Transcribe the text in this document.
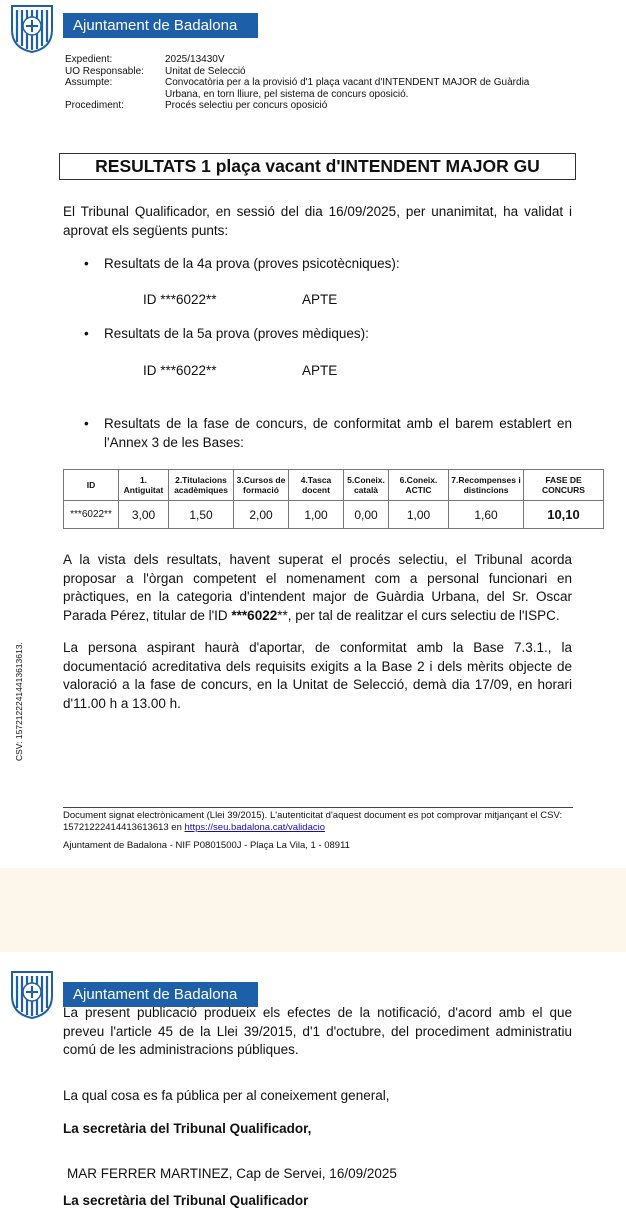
Ajuntament de Badalona
Expedient:	2025/13430V
UO Responsable:	Unitat de Selecció
Assumpte:	Convocatòria per a la provisió d'1 plaça vacant d'INTENDENT MAJOR de Guàrdia Urbana, en torn lliure, pel sistema de concurs oposició.
Procediment:	Procés selectiu per concurs oposició
RESULTATS 1 plaça vacant d'INTENDENT MAJOR GU
El Tribunal Qualificador, en sessió del dia 16/09/2025, per unanimitat, ha validat i aprovat els següents punts:
• Resultats de la 4a prova (proves psicotècniques):
ID ***6022**	APTE
• Resultats de la 5a prova (proves mèdiques):
ID ***6022**	APTE
• Resultats de la fase de concurs, de conformitat amb el barem establert en l'Annex 3 de les Bases:
ID	1. Antiguitat	2.Titulacions acadèmiques	3.Cursos de formació	4.Tasca docent	5.Coneix. català	6.Coneix. ACTIC	7.Recompenses i distincions	FASE DE CONCURS
***6022**	3,00	1,50	2,00	1,00	0,00	1,00	1,60	10,10
A la vista dels resultats, havent superat el procés selectiu, el Tribunal acorda proposar a l'òrgan competent el nomenament com a personal funcionari en pràctiques, en la categoria d'intendent major de Guàrdia Urbana, del Sr. Oscar Parada Pérez, titular de l'ID ***6022**, per tal de realitzar el curs selectiu de l'ISPC.
La persona aspirant haurà d'aportar, de conformitat amb la Base 7.3.1., la documentació acreditativa dels requisits exigits a la Base 2 i dels mèrits objecte de valoració a la fase de concurs, en la Unitat de Selecció, demà dia 17/09, en horari d'11.00 h a 13.00 h.
Document signat electrònicament (Llei 39/2015). L'autenticitat d'aquest document es pot comprovar mitjançant el CSV: 15721222414413613613 en https://seu.badalona.cat/validacio
Ajuntament de Badalona - NIF P0801500J - Plaça La Vila, 1 - 08911
CSV: 15721222414413613613.
Ajuntament de Badalona
La present publicació produeix els efectes de la notificació, d'acord amb el que preveu l'article 45 de la Llei 39/2015, d'1 d'octubre, del procediment administratiu comú de les administracions públiques.
La qual cosa es fa pública per al coneixement general,
La secretària del Tribunal Qualificador,
MAR FERRER MARTINEZ, Cap de Servei, 16/09/2025
La secretària del Tribunal Qualificador
